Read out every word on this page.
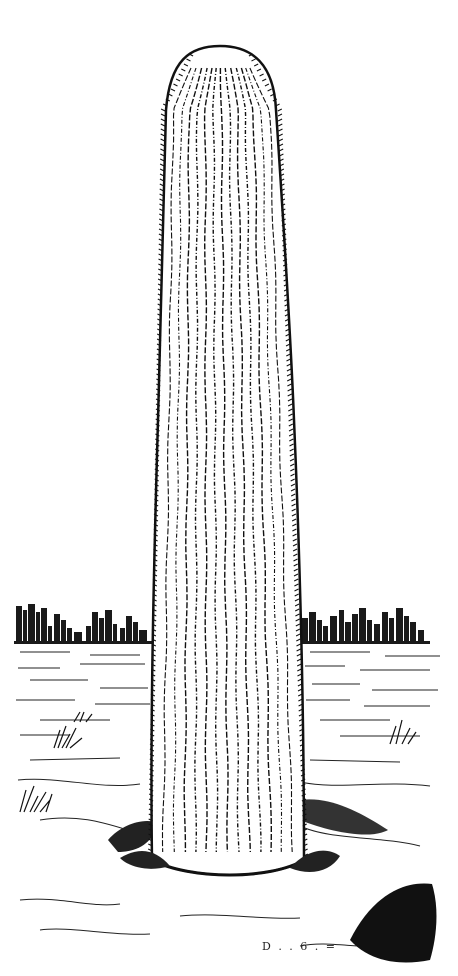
D . . 6 . =
